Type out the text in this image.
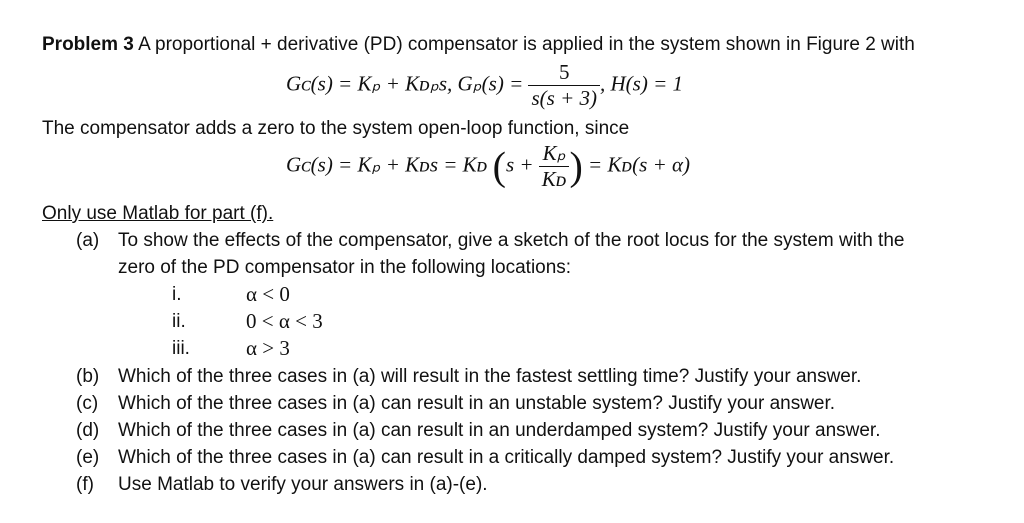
Problem 3 A proportional + derivative (PD) compensator is applied in the system shown in Figure 2 with
Gᴄ(s) = Kₚ + Kᴅₚs, $G_p(s) = \frac{5}{s(s + 3)}$ , H(s) = 1
The compensator adds a zero to the system open-loop function, since
Gᴄ(s) = Kₚ + Kᴅs = Kᴅ ($s + \frac{\text{Kₚ}}{\text{Kᴅ}}$ ) = Kᴅ(s + α)
Only use Matlab for part (f).
(a) To show the effects of the compensator, give a sketch of the root locus for the system with the
zero of the PD compensator in the following locations:
i.	α < 0
ii.	0 < α < 3
iii.	α > 3
(b) Which of the three cases in (a) will result in the fastest settling time? Justify your answer.
(c) Which of the three cases in (a) can result in an unstable system? Justify your answer.
(d) Which of the three cases in (a) can result in an underdamped system? Justify your answer.
(e) Which of the three cases in (a) can result in a critically damped system? Justify your answer.
(f) Use Matlab to verify your answers in (a)-(e).
